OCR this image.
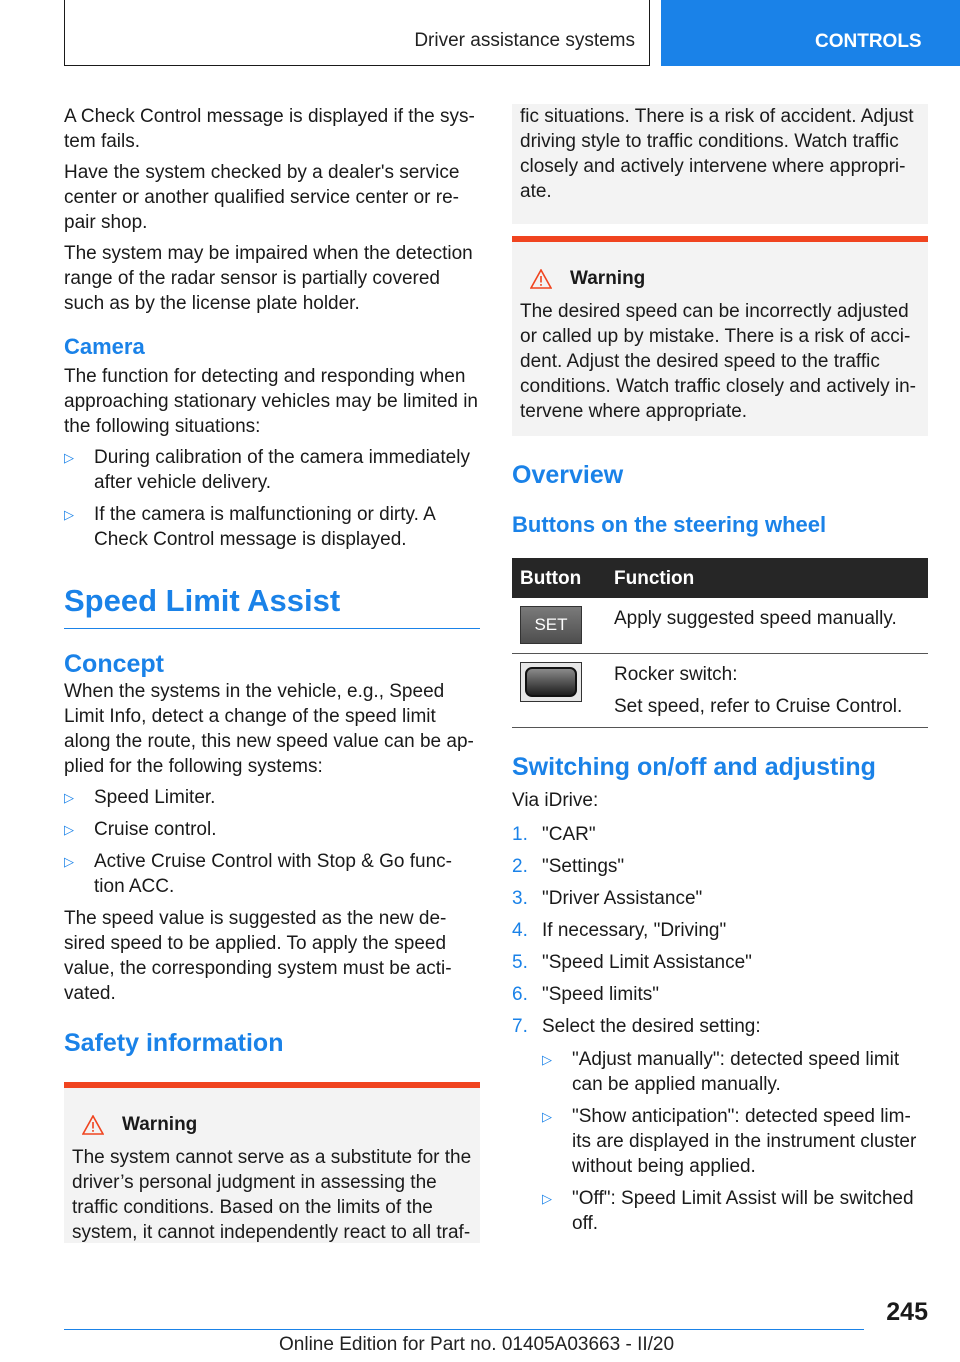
Driver assistance systems	CONTROLS

A Check Control message is displayed if the sys-tem fails.

Have the system checked by a dealer's service center or another qualified service center or re-pair shop.

The system may be impaired when the detection range of the radar sensor is partially covered such as by the license plate holder.

Camera

The function for detecting and responding when approaching stationary vehicles may be limited in the following situations:

▷ During calibration of the camera immediately after vehicle delivery.
▷ If the camera is malfunctioning or dirty. A Check Control message is displayed.
Speed Limit Assist
Concept

When the systems in the vehicle, e.g., Speed Limit Info, detect a change of the speed limit along the route, this new speed value can be ap-plied for the following systems:

▷ Speed Limiter.
▷ Cruise control.
▷ Active Cruise Control with Stop & Go func-tion ACC.

The speed value is suggested as the new de-sired speed to be applied. To apply the speed value, the corresponding system must be acti-vated.

Safety information
Warning

The system cannot serve as a substitute for the driver’s personal judgment in assessing the traffic conditions. Based on the limits of the system, it cannot independently react to all traf-

fic situations. There is a risk of accident. Adjust driving style to traffic conditions. Watch traffic closely and actively intervene where appropri-ate.

Warning

The desired speed can be incorrectly adjusted or called up by mistake. There is a risk of acci-dent. Adjust the desired speed to the traffic conditions. Watch traffic closely and actively in-tervene where appropriate.

Overview
Buttons on the steering wheel
Button	Function

SET	Apply suggested speed manually.

	Rocker switch:

Set speed, refer to Cruise Control.

Switching on/off and adjusting

Via iDrive:

1. "CAR"
2. "Settings"
3. "Driver Assistance"
4. If necessary, "Driving"
5. "Speed Limit Assistance"
6. "Speed limits"
7. Select the desired setting:
▷ "Adjust manually": detected speed limit can be applied manually.
▷ "Show anticipation": detected speed lim-its are displayed in the instrument cluster without being applied.
▷ "Off": Speed Limit Assist will be switched off.
245
Online Edition for Part no. 01405A03663 - II/20
